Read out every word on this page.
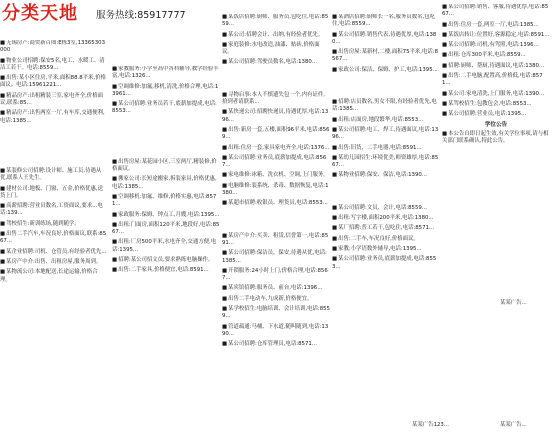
分类天地 服务热线:85917777

■ 无锡房产:商贸新百图:E栋3室,13365303000

■ 物业公司招聘:保安5名,电工、水暖工、清洁工若干。电话:8559...

■ 出售:某小区住房,平米,面积88.8平米,价格面议。电话:15961221...

■ 精品房产:出租精装三室,家电齐全,价格面议,联系:85...

■ 精品房产:出售两室一厅,有车库,交通便利,电话:1385...

■ 某装修公司招聘:设计师、施工员,待遇从优,联系人王先生。

■ 建材公司:地板、门窗、五金,价格优惠,送货上门。

■ 高薪招聘:营业员数名,工资面议,要求...电话:139...

■ 驾校招生:新训练场,随到随学。

■ 出售二手汽车,车况良好,价格面议,联系:8567...

■ 某企业招聘:司机、仓管员,有经验者优先...

■ 某房产中介:出售、出租房屋,服务周到。

■ 某物流公司:本地配送,长途运输,价格合理。

■ 家教服务:小学至高中各科辅导,教学经验丰富,电话:1326...

■ 空调维修:加氟,移机,清洗,价格合理,电话:13961...

■ 某公司招聘:业务员若干,底薪加提成,电话:8553...

■ 出售房屋:某花园小区,三室两厅,精装修,价格面议。

■ 搬家公司:长短途搬家,拆装家具,价格优惠,电话:1385...

■ 空调移机:加氟、维修,价格实惠,电话:8571...

■ 家政服务:保姆、钟点工,月嫂,电话:1395...

■ 出租:门面房,面积120平米,地段好,电话:8567...

■ 出租:厂房500平米,水电齐全,交通方便,电话:1395...

■ 招聘:某公司招文员,要求熟练电脑操作。

■ 出售:二手家具,价格便宜,电话:8591...

■ 某饭店招聘:厨师、服务员,包吃住,电话:8559...

■ 某公司:招聘会计、出纳,有经验者优先。

■ 家庭装修:水电改造,油漆、贴砖,价格面议。

■ 某公司招聘:驾驶员数名,电话:1380...

■ 寻物启事:本人不慎遗失包一个,内有证件,拾到者请联系...

■ 某快递公司:招聘快递员,待遇优厚,电话:1396...

■ 出售:新房一套,五楼,面积96平米,电话:8569...

■ 出租:住房一套,家具家电齐全,电话:1376...

■ 某公司招聘:业务员,底薪加提成,电话:8567...

■ 家电维修:冰箱、洗衣机、空调,上门服务。

■ 电脑维修:装系统、杀毒、数据恢复,电话:1380...

■ 某超市招聘:收银员、理货员,电话:8553...

■ 某房产中介:买卖、租赁,信誉第一,电话:8591...

■ 某公司招聘:保洁员、保安,待遇从优,电话:1385...

■ 开锁服务:24小时上门,价格合理,电话:8567...

■ 某宾馆招聘:服务员、前台,电话:1396...

■ 出售二手电动车,九成新,价格便宜。

■ 某学校招生:电脑培训、会计培训,电话:8559...

■ 管道疏通:马桶、下水道,随叫随到,电话:1390...

■ 某公司招聘:仓库管理员,电话:8571...

■ 某酒店招聘:厨师长一名,服务员数名,包吃住,电话:8559...

■ 某公司招聘:销售代表,待遇优厚,电话:1380...

■ 出售房屋:某新村,二楼,面积75平米,电话:8567...

■ 家政公司:保洁、保姆、护工,电话:1395...

■ 招聘:店员数名,男女不限,有经验者优先,电话:1385...

■ 出租:店面房,地段繁华,电话:8553...

■ 某公司招聘:电工、焊工,待遇面议,电话:1396...

■ 出售:旧货、二手电器,电话:8591...

■ 某幼儿园招生:环境优美,师资雄厚,电话:8567...

■ 某物业招聘:保安、保洁,电话:1390...

■ 某公司招聘:文员、会计,电话:8559...

■ 出租:写字楼,面积200平米,电话:1380...

■ 某厂招聘:普工若干,包吃住,电话:8571...

■ 出售:二手车,车况良好,价格面议。

■ 家教:小学语数外辅导,电话:1395...

■ 某公司招聘:业务员,底薪加提成,电话:8553...

■ 某公司招聘:销售、客服,待遇优厚,电话:8567...

■ 出售:住房一套,两室一厅,电话:1385...

■ 某饭店转让:位置好,客源稳定,电话:8591...

■ 某公司招聘:司机,有驾照,电话:1396...

■ 出租:仓库300平米,电话:8559...

■ 招聘:厨师、帮厨,待遇面议,电话:1380...

■ 出售:二手电脑,配置高,价格低,电话:8571...

■ 某公司:家电清洗,上门服务,电话:1390...

■ 某驾校招生:包教包会,电话:8553...

■ 某公司招聘:营业员,电话:1395...

学位公告

■ 本公告自即日起生效,有关学位事项,请与相关部门联系确认,特此公告。

某某广告123...
某某广告...
某某广告...
